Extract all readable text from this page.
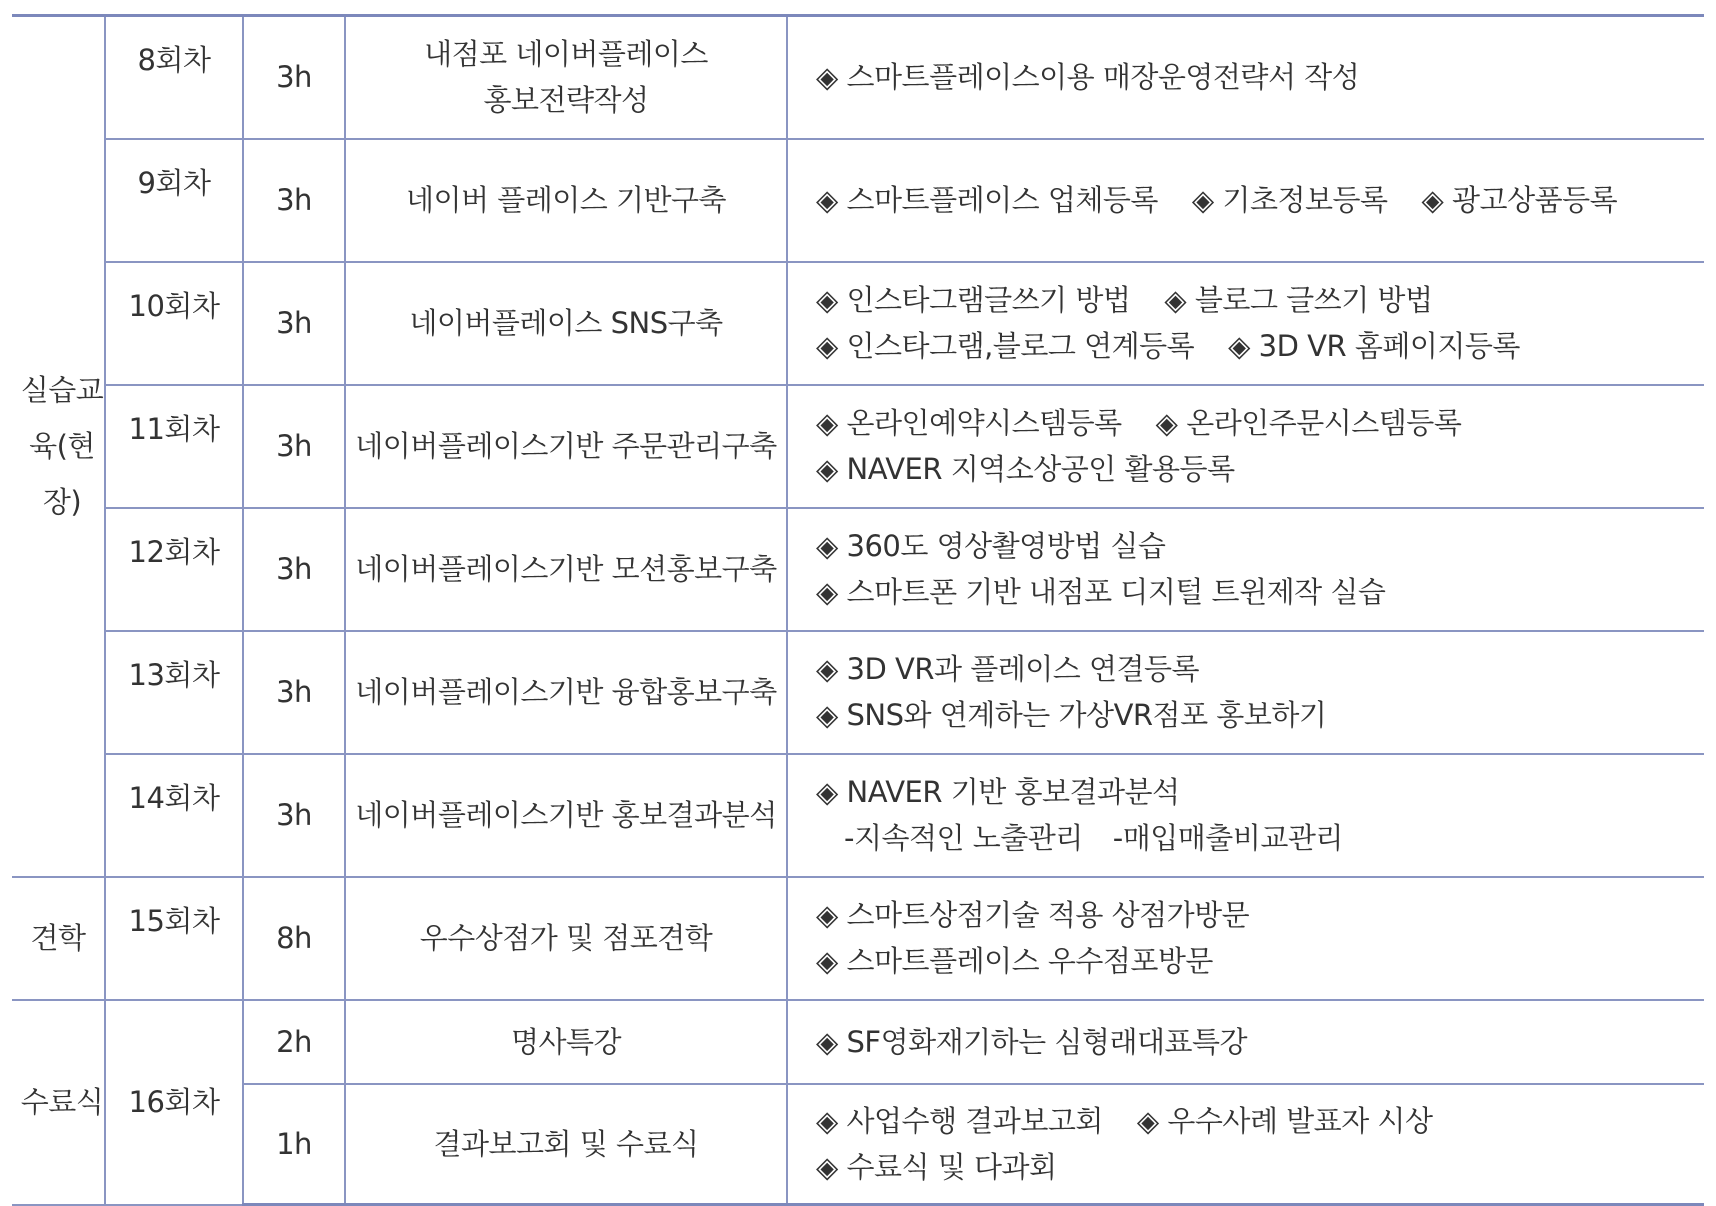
실습교육(현장)	8회차	3h	내점포 네이버플레이스
홍보전략작성	◈ 스마트플레이스이용 매장운영전략서 작성

	9회차	3h	네이버 플레이스 기반구축	◈ 스마트플레이스 업체등록 ◈ 기초정보등록 ◈ 광고상품등록

	10회차	3h	네이버플레이스 SNS구축	◈ 인스타그램글쓰기 방법 ◈ 블로그 글쓰기 방법
◈ 인스타그램,블로그 연계등록 ◈ 3D VR 홈페이지등록

	11회차	3h	네이버플레이스기반 주문관리구축	◈ 온라인예약시스템등록 ◈ 온라인주문시스템등록
◈ NAVER 지역소상공인 활용등록

	12회차	3h	네이버플레이스기반 모션홍보구축	◈ 360도 영상촬영방법 실습
◈ 스마트폰 기반 내점포 디지털 트윈제작 실습

	13회차	3h	네이버플레이스기반 융합홍보구축	◈ 3D VR과 플레이스 연결등록
◈ SNS와 연계하는 가상VR점포 홍보하기

	14회차	3h	네이버플레이스기반 홍보결과분석	◈ NAVER 기반 홍보결과분석
-지속적인 노출관리 -매입매출비교관리

견학	15회차	8h	우수상점가 및 점포견학	◈ 스마트상점기술 적용 상점가방문
◈ 스마트플레이스 우수점포방문

수료식	16회차	2h	명사특강	◈ SF영화재기하는 심형래대표특강

		1h	결과보고회 및 수료식	◈ 사업수행 결과보고회 ◈ 우수사례 발표자 시상
◈ 수료식 및 다과회
